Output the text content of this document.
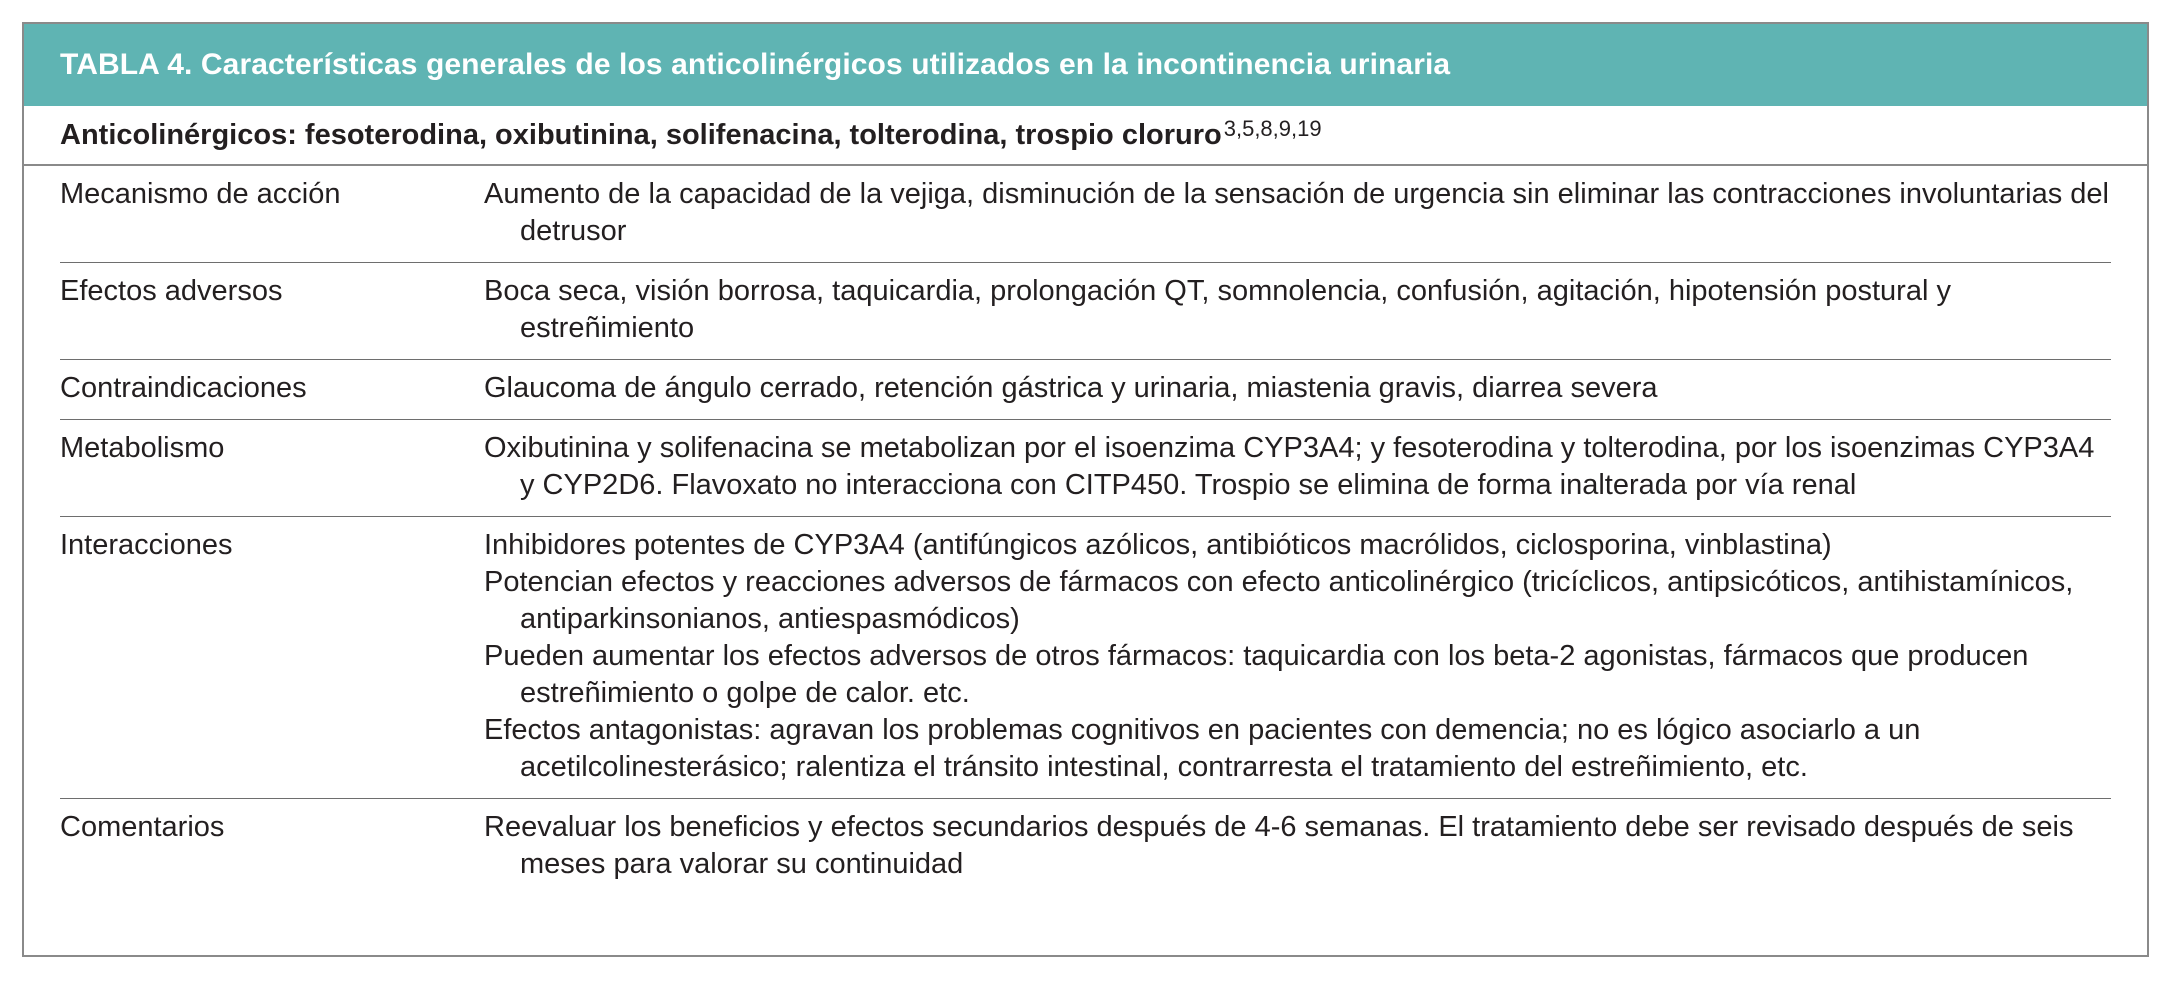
TABLA 4. Características generales de los anticolinérgicos utilizados en la incontinencia urinaria
Anticolinérgicos: fesoterodina, oxibutinina, solifenacina, tolterodina, trospio cloruro$^{3,5,8,9,19}$
Mecanismo de acción	Aumento de la capacidad de la vejiga, disminución de la sensación de urgencia sin eliminar las contracciones involuntarias del detrusor
Efectos adversos	Boca seca, visión borrosa, taquicardia, prolongación QT, somnolencia, confusión, agitación, hipotensión postural y estreñimiento
Contraindicaciones	Glaucoma de ángulo cerrado, retención gástrica y urinaria, miastenia gravis, diarrea severa
Metabolismo	Oxibutinina y solifenacina se metabolizan por el isoenzima CYP3A4; y fesoterodina y tolterodina, por los isoenzimas CYP3A4 y CYP2D6. Flavoxato no interacciona con CITP450. Trospio se elimina de forma inalterada por vía renal
Interacciones	Inhibidores potentes de CYP3A4 (antifúngicos azólicos, antibióticos macrólidos, ciclosporina, vinblastina)
Potencian efectos y reacciones adversos de fármacos con efecto anticolinérgico (tricíclicos, antipsicóticos, antihistamínicos, antiparkinsonianos, antiespasmódicos)
Pueden aumentar los efectos adversos de otros fármacos: taquicardia con los beta-2 agonistas, fármacos que producen estreñimiento o golpe de calor. etc.
Efectos antagonistas: agravan los problemas cognitivos en pacientes con demencia; no es lógico asociarlo a un acetilcolinesterásico; ralentiza el tránsito intestinal, contrarresta el tratamiento del estreñimiento, etc.
Comentarios	Reevaluar los beneficios y efectos secundarios después de 4-6 semanas. El tratamiento debe ser revisado después de seis meses para valorar su continuidad
